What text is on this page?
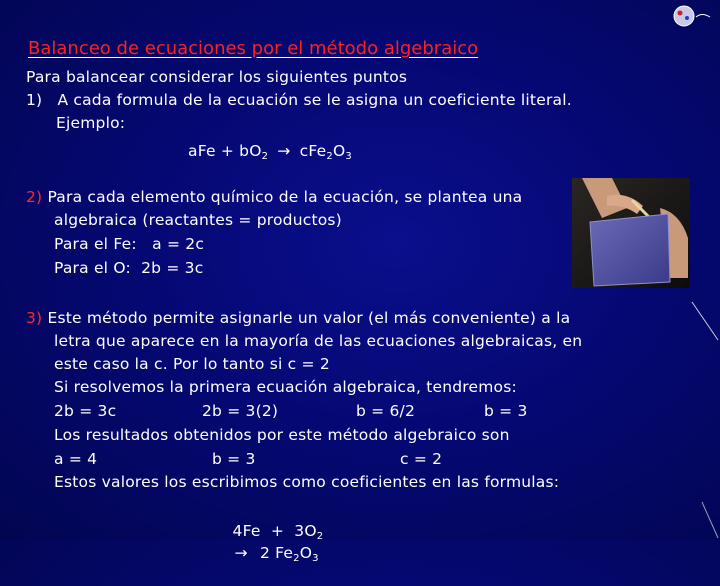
Balanceo de ecuaciones por el método algebraico
Para balancear considerar los siguientes puntos
1) A cada formula de la ecuación se le asigna un coeficiente literal.
Ejemplo:
aFe + $bO_2 \to cFe_2O_3$
2) Para cada elemento químico de la ecuación, se plantea una
algebraica (reactantes = productos)
Para el Fe:   a = 2c
Para el O:  2b = 3c
3) Este método permite asignarle un valor (el más conveniente) a la
letra que aparece en la mayoría de las ecuaciones algebraicas, en
este caso la c. Por lo tanto si c = 2
Si resolvemos la primera ecuación algebraica, tendremos:
2b = 3c	2b = 3(2)	b = 6/2	b = 3
Los resultados obtenidos por este método algebraico son
a = 4	b = 3	c = 2
Estos valores los escribimos como coeficientes en las formulas:

$4Fe + 3O_2$
→  2 $Fe_2O_3$
